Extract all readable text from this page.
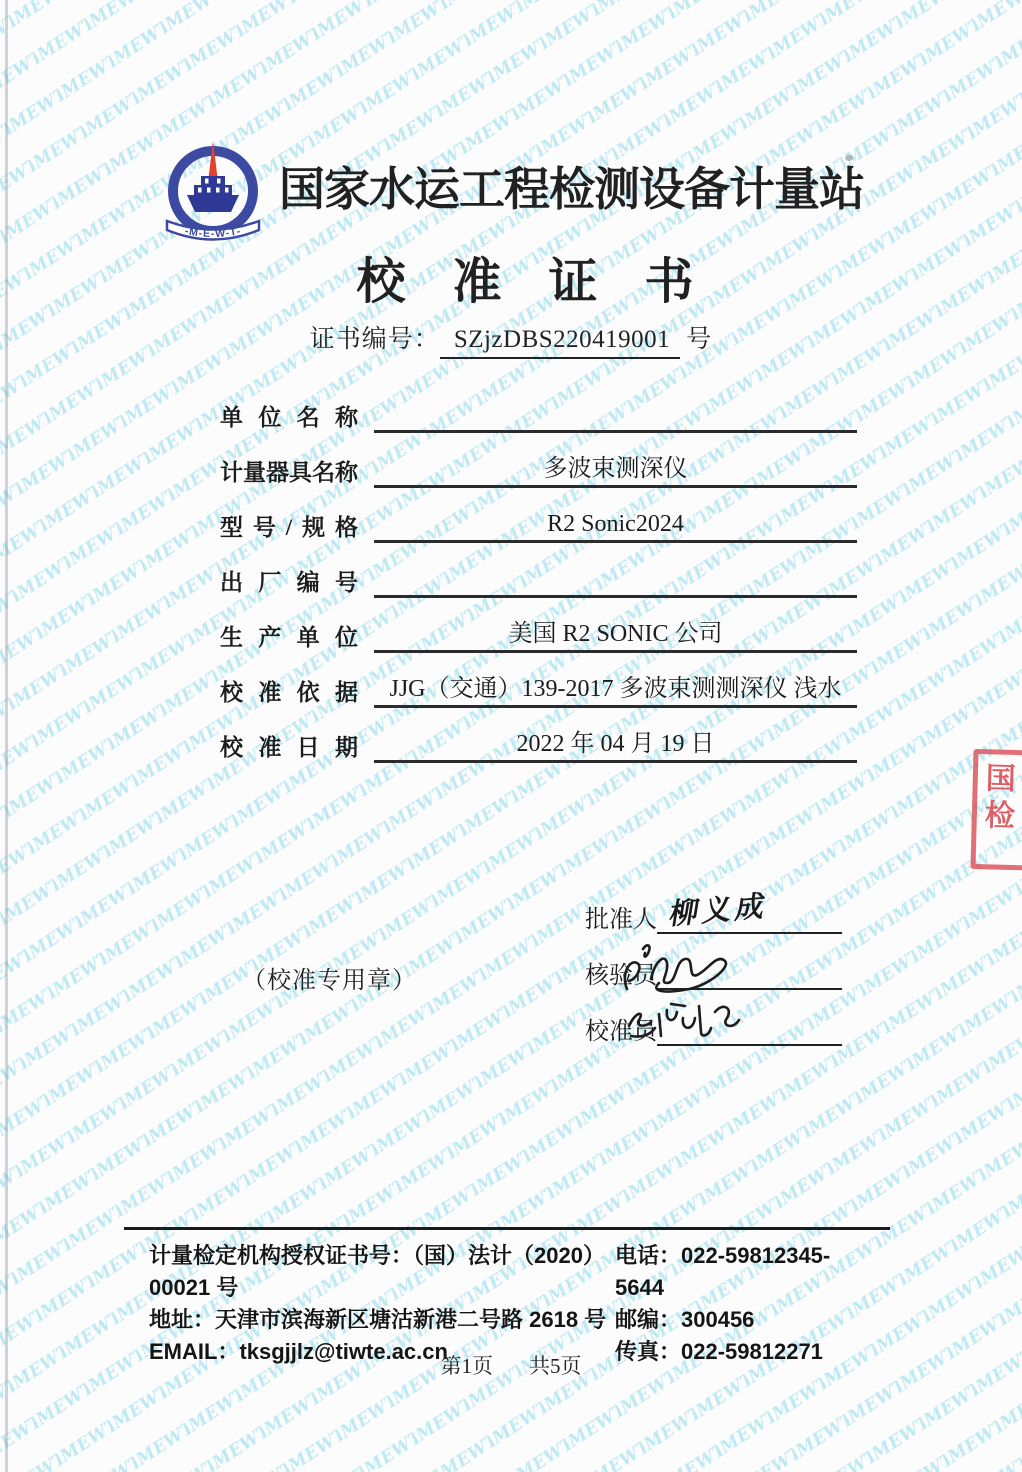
-M-E-W-T-
国家水运工程检测设备计量站
校准证书
证书编号： SZjzDBS220419001 号
单位名称
计量器具名称	多波束测深仪
型号/规格	R2 Sonic2024
出厂编号
生产单位	美国 R2 SONIC 公司
校准依据	JJG（交通）139-2017 多波束测测深仪 浅水
校准日期	2022 年 04 月 19 日
（校准专用章）
批准人 柳义成
核验员
校准员
国
检
计量检定机构授权证书号：（国）法计（2020）00021 号
地址：天津市滨海新区塘沽新港二号路 2618 号
EMAIL：tksgjjlz@tiwte.ac.cn
电话：022-59812345-5644
邮编：300456
传真：022-59812271
第1页 共5页
